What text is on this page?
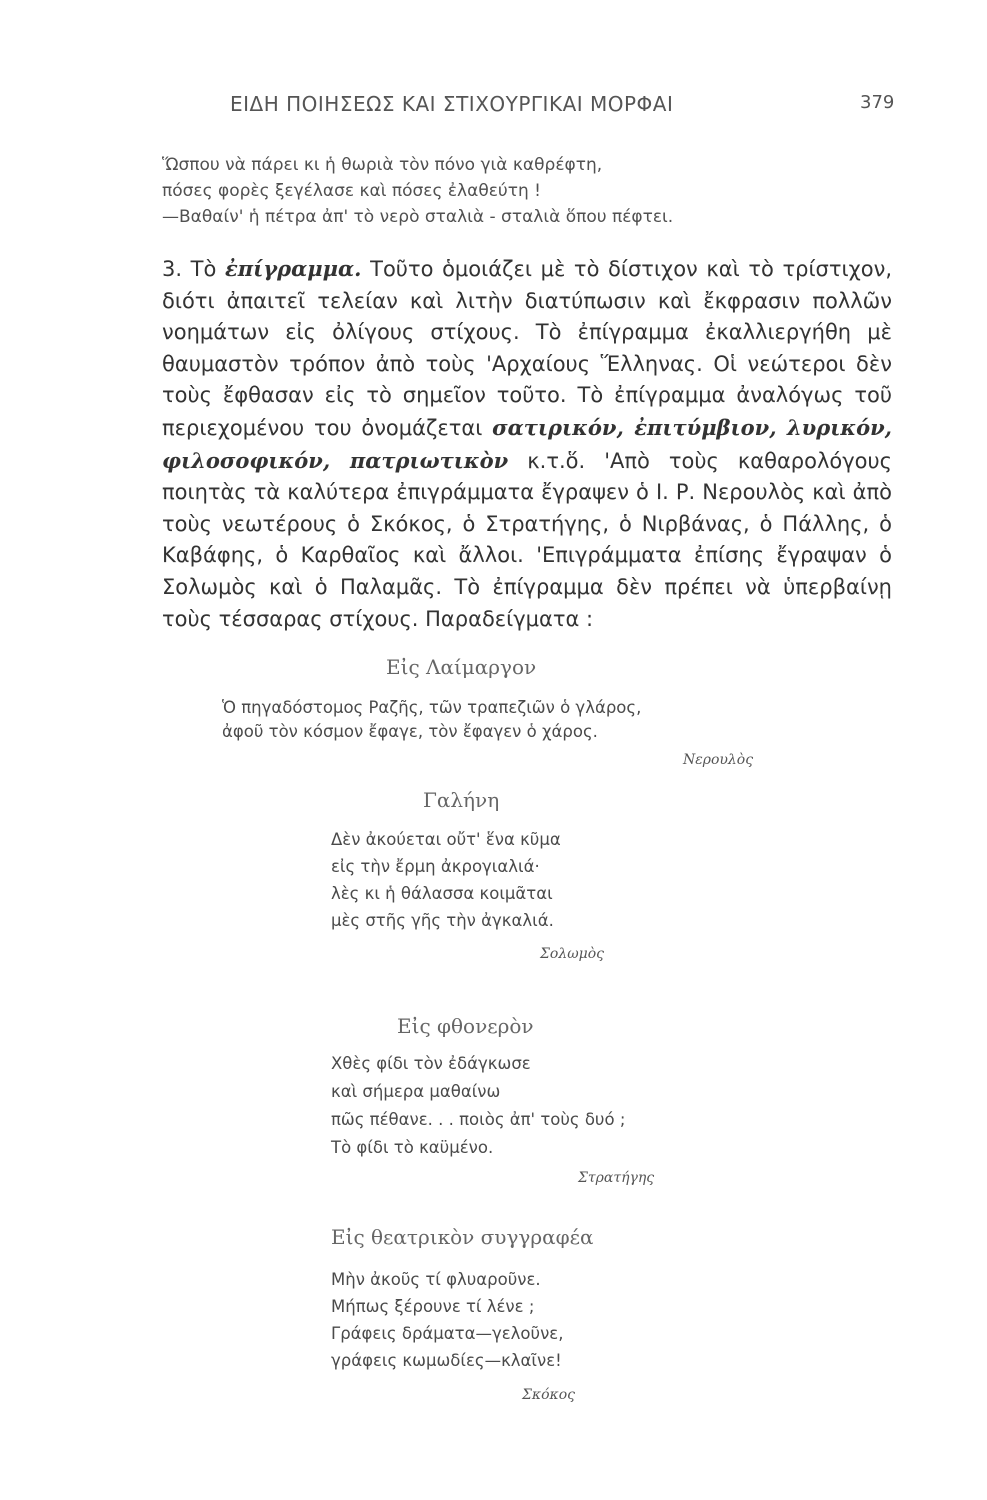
ΕΙΔΗ ΠΟΙΗΣΕΩΣ ΚΑΙ ΣΤΙΧΟΥΡΓΙΚΑΙ ΜΟΡΦΑΙ	379
Ὥσπου νὰ πάρει κι ἡ θωριὰ τὸν πόνο γιὰ καθρέφτη,
πόσες φορὲς ξεγέλασε καὶ πόσες ἐλαθεύτη !
—Βαθαίν' ἡ πέτρα ἀπ' τὸ νερὸ σταλιὰ - σταλιὰ ὅπου πέφτει.
3. Τὸ ἐπίγραμμα. Τοῦτο ὁμοιάζει μὲ τὸ δίστιχον καὶ τὸ τρίστιχον, διότι ἀπαιτεῖ τελείαν καὶ λιτὴν διατύπωσιν καὶ ἔκφρασιν πολλῶν νοημάτων εἰς ὀλίγους στίχους. Τὸ ἐπίγραμμα ἐκαλλιεργήθη μὲ θαυμαστὸν τρόπον ἀπὸ τοὺς 'Αρχαίους Ἕλληνας. Οἱ νεώτεροι δὲν τοὺς ἔφθασαν εἰς τὸ σημεῖον τοῦτο. Τὸ ἐπίγραμμα ἀναλόγως τοῦ περιεχομένου του ὀνομάζεται σατιρικόν, ἐπιτύμβιον, λυρικόν, φιλοσοφικόν, πατριωτικὸν κ.τ.ὅ. 'Απὸ τοὺς καθαρολόγους ποιητὰς τὰ καλύτερα ἐπιγράμματα ἔγραψεν ὁ Ι. Ρ. Νερουλὸς καὶ ἀπὸ τοὺς νεωτέρους ὁ Σκόκος, ὁ Στρατήγης, ὁ Νιρβάνας, ὁ Πάλλης, ὁ Καβάφης, ὁ Καρθαῖος καὶ ἄλλοι. 'Επιγράμματα ἐπίσης ἔγραψαν ὁ Σολωμὸς καὶ ὁ Παλαμᾶς. Τὸ ἐπίγραμμα δὲν πρέπει νὰ ὑπερβαίνῃ τοὺς τέσσαρας στίχους. Παραδείγματα :
Εἰς Λαίμαργον
Ὁ πηγαδόστομος Ραζῆς, τῶν τραπεζιῶν ὁ γλάρος,
ἀφοῦ τὸν κόσμον ἔφαγε, τὸν ἔφαγεν ὁ χάρος.
Νερουλὸς
Γαλήνη
Δὲν ἀκούεται οὔτ' ἕνα κῦμα
εἰς τὴν ἔρμη ἀκρογιαλιά·
λὲς κι ἡ θάλασσα κοιμᾶται
μὲς στῆς γῆς τὴν ἀγκαλιά.
Σολωμὸς
Εἰς φθονερὸν
Χθὲς φίδι τὸν ἐδάγκωσε
καὶ σήμερα μαθαίνω
πῶς πέθανε. . . ποιὸς ἀπ' τοὺς δυό ;
Τὸ φίδι τὸ καϋμένο.
Στρατήγης
Εἰς θεατρικὸν συγγραφέα
Μὴν ἀκοῦς τί φλυαροῦνε.
Μήπως ξέρουνε τί λένε ;
Γράφεις δράματα—γελοῦνε,
γράφεις κωμωδίες—κλαῖνε!
Σκόκος
